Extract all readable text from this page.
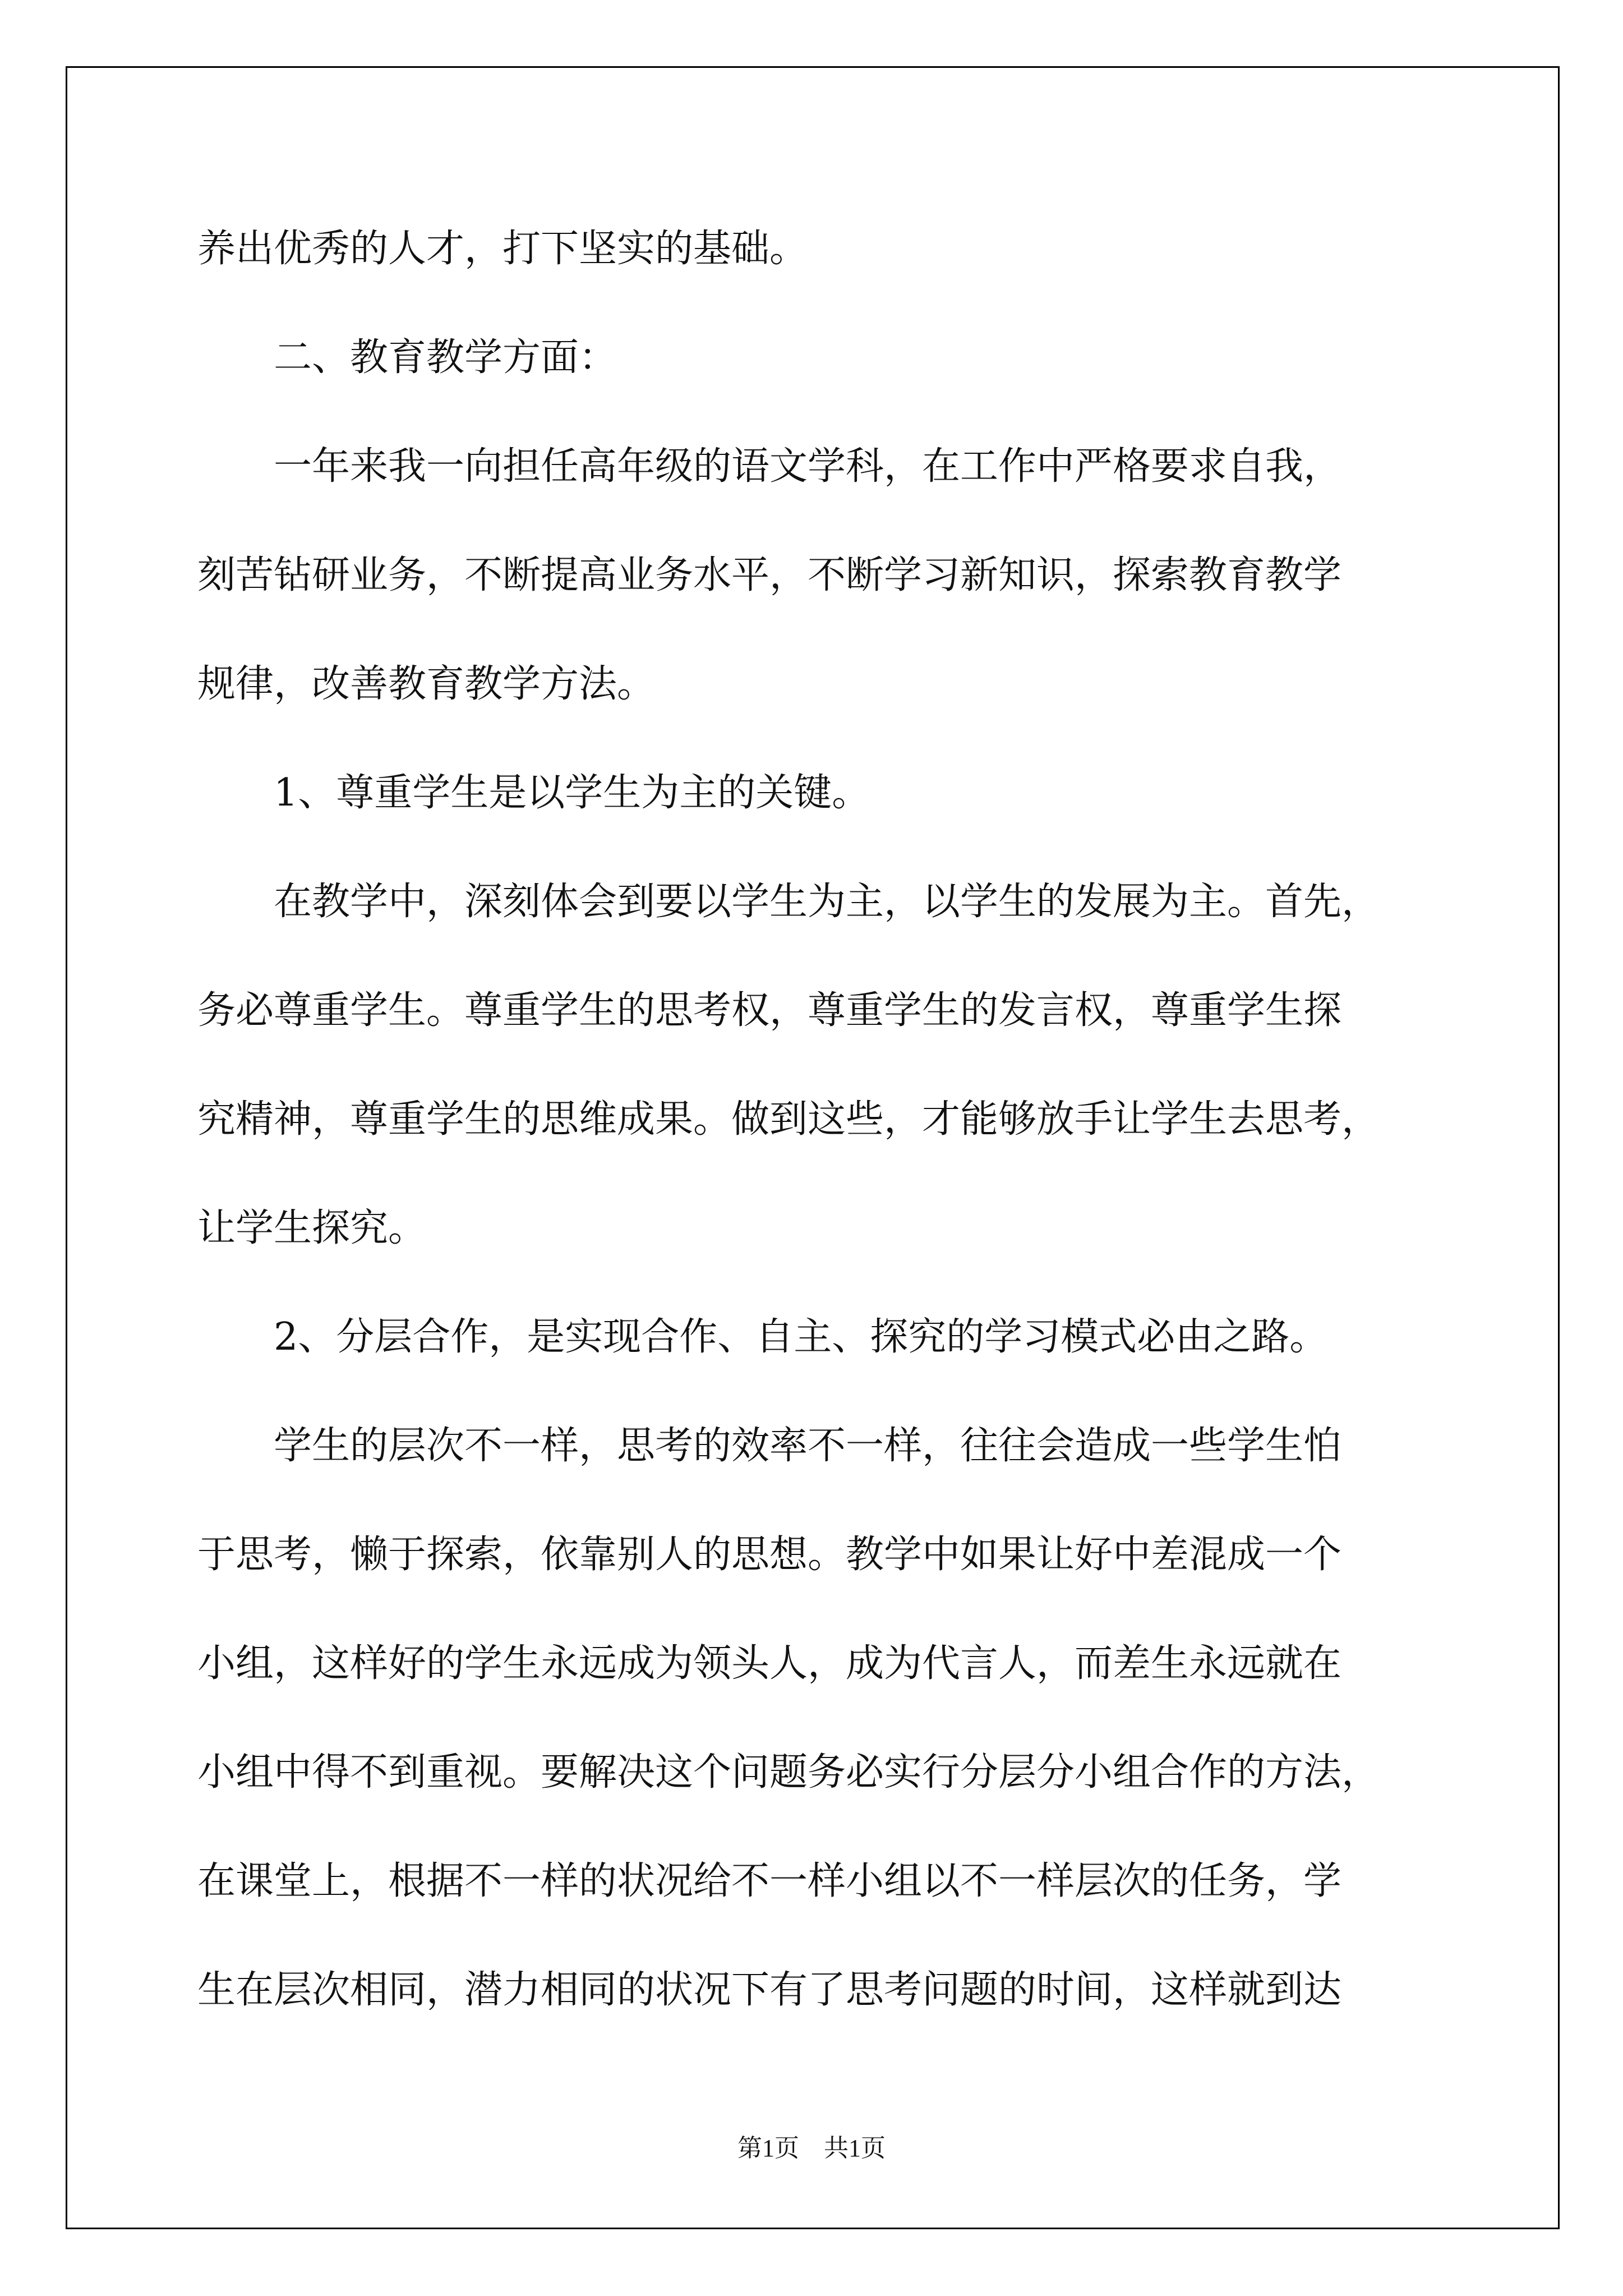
养出优秀的人才，打下坚实的基础。
　　二、教育教学方面：
　　一年来我一向担任高年级的语文学科，在工作中严格要求自我，
刻苦钻研业务，不断提高业务水平，不断学习新知识，探索教育教学
规律，改善教育教学方法。
　　1、尊重学生是以学生为主的关键。
　　在教学中，深刻体会到要以学生为主，以学生的发展为主。首先，
务必尊重学生。尊重学生的思考权，尊重学生的发言权，尊重学生探
究精神，尊重学生的思维成果。做到这些，才能够放手让学生去思考，
让学生探究。
　　2、分层合作，是实现合作、自主、探究的学习模式必由之路。
　　学生的层次不一样，思考的效率不一样，往往会造成一些学生怕
于思考，懒于探索，依靠别人的思想。教学中如果让好中差混成一个
小组，这样好的学生永远成为领头人，成为代言人，而差生永远就在
小组中得不到重视。要解决这个问题务必实行分层分小组合作的方法，
在课堂上，根据不一样的状况给不一样小组以不一样层次的任务，学
生在层次相同，潜力相同的状况下有了思考问题的时间，这样就到达
第1页　共1页
